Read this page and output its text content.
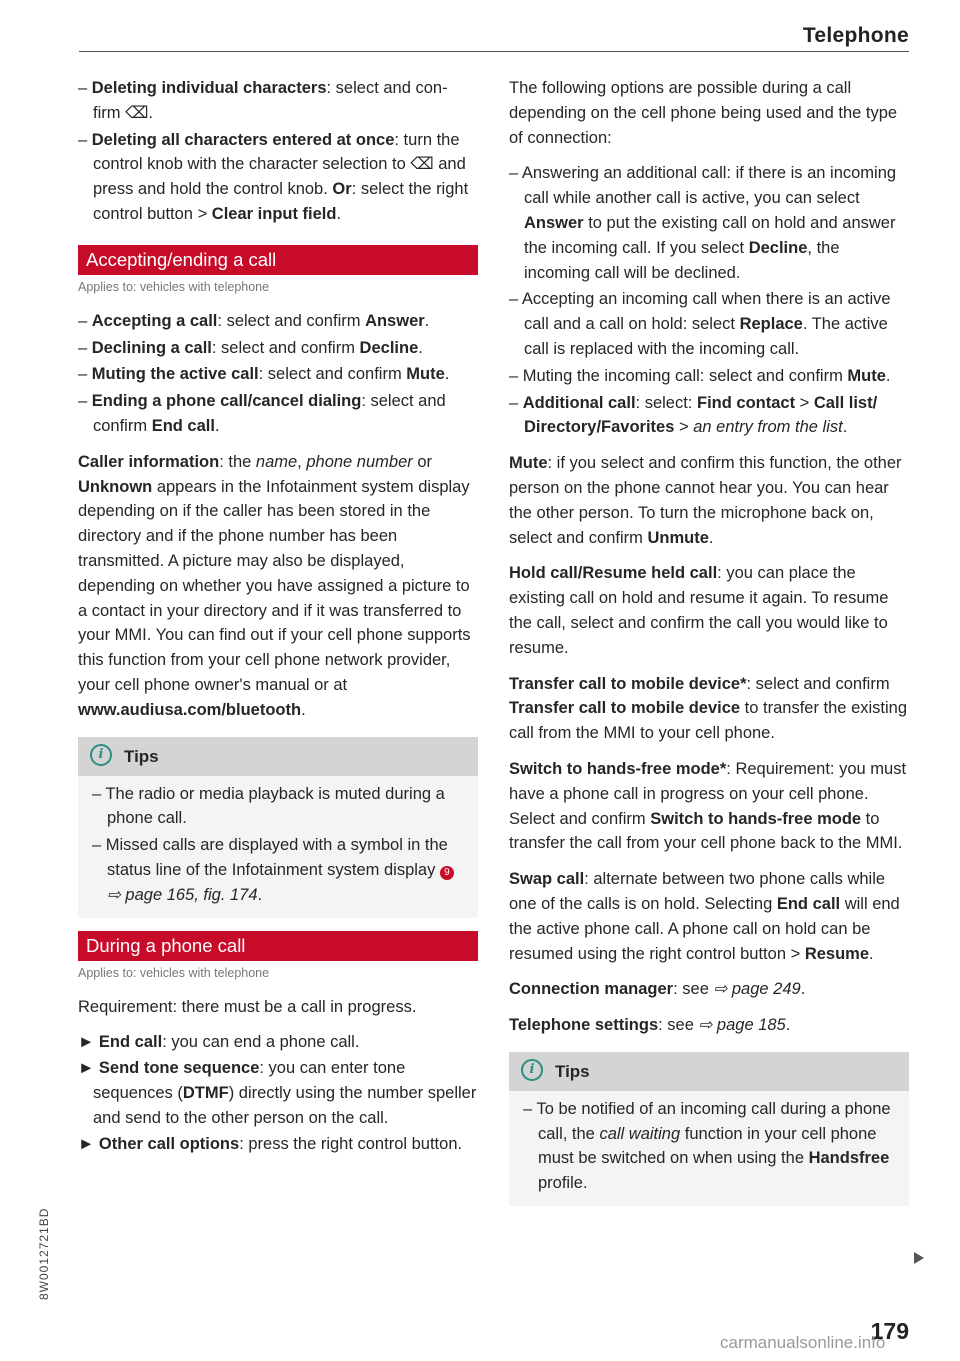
Telephone
– Deleting individual characters: select and con- firm ⌫.
– Deleting all characters entered at once: turn the control knob with the character selection to ⌫ and press and hold the control knob. Or: select the right control button > Clear input field.
Accepting/ending a call
Applies to: vehicles with telephone
– Accepting a call: select and confirm Answer.
– Declining a call: select and confirm Decline.
– Muting the active call: select and confirm Mute.
– Ending a phone call/cancel dialing: select and confirm End call.

Caller information: the name, phone number or Unknown appears in the Infotainment system display depending on if the caller has been stored in the directory and if the phone number has been transmitted. A picture may also be displayed, depending on whether you have assigned a picture to a contact in your directory and if it was transferred to your MMI. You can find out if your cell phone supports this function from your cell phone network provider, your cell phone owner's manual or at www.audiusa.com/bluetooth.

i Tips
– The radio or media playback is muted during a phone call.
– Missed calls are displayed with a symbol in the status line of the Infotainment system display 9 ⇨ page 165, fig. 174.
During a phone call
Applies to: vehicles with telephone

Requirement: there must be a call in progress.

► End call: you can end a phone call.
► Send tone sequence: you can enter tone sequences (DTMF) directly using the number speller and send to the other person on the call.
► Other call options: press the right control button.

The following options are possible during a call depending on the cell phone being used and the type of connection:

– Answering an additional call: if there is an incoming call while another call is active, you can select Answer to put the existing call on hold and answer the incoming call. If you select Decline, the incoming call will be declined.
– Accepting an incoming call when there is an active call and a call on hold: select Replace. The active call is replaced with the incoming call.
– Muting the incoming call: select and confirm Mute.
– Additional call: select: Find contact > Call list/ Directory/Favorites > an entry from the list.

Mute: if you select and confirm this function, the other person on the phone cannot hear you. You can hear the other person. To turn the microphone back on, select and confirm Unmute.

Hold call/Resume held call: you can place the existing call on hold and resume it again. To resume the call, select and confirm the call you would like to resume.

Transfer call to mobile device*: select and confirm Transfer call to mobile device to transfer the existing call from the MMI to your cell phone.

Switch to hands-free mode*: Requirement: you must have a phone call in progress on your cell phone. Select and confirm Switch to hands-free mode to transfer the call from your cell phone back to the MMI.

Swap call: alternate between two phone calls while one of the calls is on hold. Selecting End call will end the active phone call. A phone call on hold can be resumed using the right control button > Resume.

Connection manager: see ⇨ page 249.

Telephone settings: see ⇨ page 185.

i Tips
– To be notified of an incoming call during a phone call, the call waiting function in your cell phone must be switched on when using the Handsfree profile.
8W0012721BD
179
carmanualsonline.info
